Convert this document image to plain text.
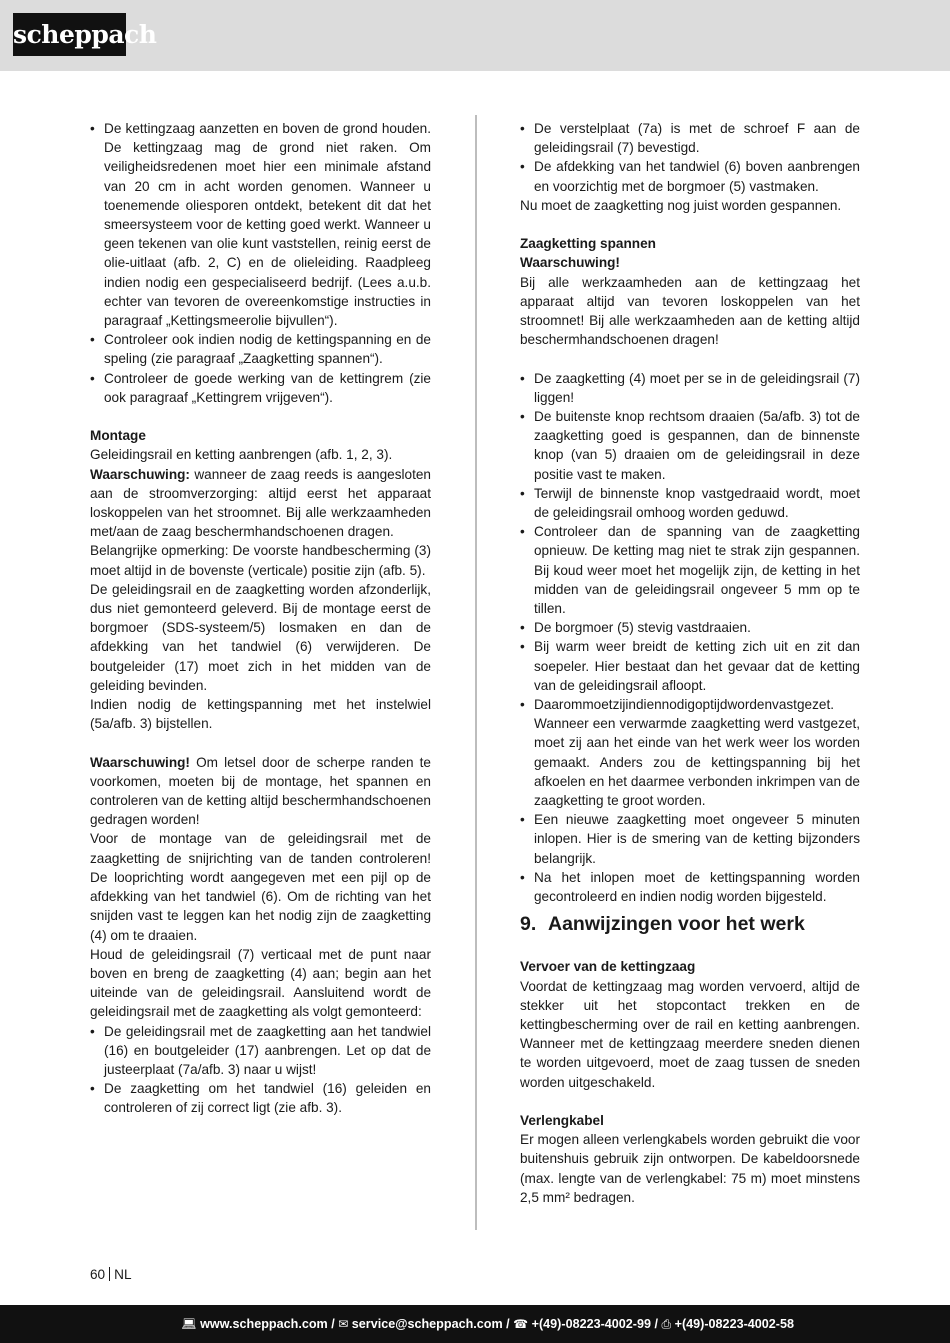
scheppach
• De kettingzaag aanzetten en boven de grond houden. De kettingzaag mag de grond niet raken. Om veiligheidsredenen moet hier een minimale afstand van 20 cm in acht worden genomen. Wanneer u toenemende oliesporen ontdekt, betekent dit dat het smeersysteem voor de ketting goed werkt. Wanneer u geen tekenen van olie kunt vaststellen, reinig eerst de olie-uitlaat (afb. 2, C) en de olieleiding. Raadpleeg indien nodig een gespecialiseerd bedrijf. (Lees a.u.b. echter van tevoren de overeenkomstige instructies in paragraaf „Kettingsmeerolie bijvullen“).
• Controleer ook indien nodig de kettingspanning en de speling (zie paragraaf „Zaagketting spannen“).
• Controleer de goede werking van de kettingrem (zie ook paragraaf „Kettingrem vrijgeven“).
Montage
Geleidingsrail en ketting aanbrengen (afb. 1, 2, 3).
Waarschuwing: wanneer de zaag reeds is aangesloten aan de stroomverzorging: altijd eerst het apparaat loskoppelen van het stroomnet. Bij alle werkzaamheden met/aan de zaag beschermhandschoenen dragen.
Belangrijke opmerking: De voorste handbescherming (3) moet altijd in de bovenste (verticale) positie zijn (afb. 5).
De geleidingsrail en de zaagketting worden afzonderlijk, dus niet gemonteerd geleverd. Bij de montage eerst de borgmoer (SDS-systeem/5) losmaken en dan de afdekking van het tandwiel (6) verwijderen. De boutgeleider (17) moet zich in het midden van de geleiding bevinden.
Indien nodig de kettingspanning met het instelwiel (5a/afb. 3) bijstellen.
Waarschuwing! Om letsel door de scherpe randen te voorkomen, moeten bij de montage, het spannen en controleren van de ketting altijd beschermhandschoenen gedragen worden!
Voor de montage van de geleidingsrail met de zaagketting de snijrichting van de tanden controleren! De looprichting wordt aangegeven met een pijl op de afdekking van het tandwiel (6). Om de richting van het snijden vast te leggen kan het nodig zijn de zaagketting (4) om te draaien.
Houd de geleidingsrail (7) verticaal met de punt naar boven en breng de zaagketting (4) aan; begin aan het uiteinde van de geleidingsrail. Aansluitend wordt de geleidingsrail met de zaagketting als volgt gemonteerd:
• De geleidingsrail met de zaagketting aan het tandwiel (16) en boutgeleider (17) aanbrengen. Let op dat de justeerplaat (7a/afb. 3) naar u wijst!
• De zaagketting om het tandwiel (16) geleiden en controleren of zij correct ligt (zie afb. 3).
• De verstelplaat (7a) is met de schroef F aan de geleidingsrail (7) bevestigd.
• De afdekking van het tandwiel (6) boven aanbrengen en voorzichtig met de borgmoer (5) vastmaken.
Nu moet de zaagketting nog juist worden gespannen.
Zaagketting spannen
Waarschuwing!
Bij alle werkzaamheden aan de kettingzaag het apparaat altijd van tevoren loskoppelen van het stroomnet! Bij alle werkzaamheden aan de ketting altijd beschermhandschoenen dragen!
• De zaagketting (4) moet per se in de geleidingsrail (7) liggen!
• De buitenste knop rechtsom draaien (5a/afb. 3) tot de zaagketting goed is gespannen, dan de binnenste knop (van 5) draaien om de geleidingsrail in deze positie vast te maken.
• Terwijl de binnenste knop vastgedraaid wordt, moet de geleidingsrail omhoog worden geduwd.
• Controleer dan de spanning van de zaagketting opnieuw. De ketting mag niet te strak zijn gespannen. Bij koud weer moet het mogelijk zijn, de ketting in het midden van de geleidingsrail ongeveer 5 mm op te tillen.
• De borgmoer (5) stevig vastdraaien.
• Bij warm weer breidt de ketting zich uit en zit dan soepeler. Hier bestaat dan het gevaar dat de ketting van de geleidingsrail afloopt.
• Daarommoetzijindiennodigoptijdwordenvastgezet. Wanneer een verwarmde zaagketting werd vastgezet, moet zij aan het einde van het werk weer los worden gemaakt. Anders zou de kettingspanning bij het afkoelen en het daarmee verbonden inkrimpen van de zaagketting te groot worden.
• Een nieuwe zaagketting moet ongeveer 5 minuten inlopen. Hier is de smering van de ketting bijzonders belangrijk.
• Na het inlopen moet de kettingspanning worden gecontroleerd en indien nodig worden bijgesteld.
9. Aanwijzingen voor het werk
Vervoer van de kettingzaag
Voordat de kettingzaag mag worden vervoerd, altijd de stekker uit het stopcontact trekken en de kettingbescherming over de rail en ketting aanbrengen. Wanneer met de kettingzaag meerdere sneden dienen te worden uitgevoerd, moet de zaag tussen de sneden worden uitgeschakeld.
Verlengkabel
Er mogen alleen verlengkabels worden gebruikt die voor buitenshuis gebruik zijn ontworpen. De kabeldoorsnede (max. lengte van de verlengkabel: 75 m) moet minstens 2,5 mm² bedragen.
60 NL
💻︎ www.scheppach.com / ✉ service@scheppach.com / ☎ +(49)-08223-4002-99 / ⎙ +(49)-08223-4002-58
